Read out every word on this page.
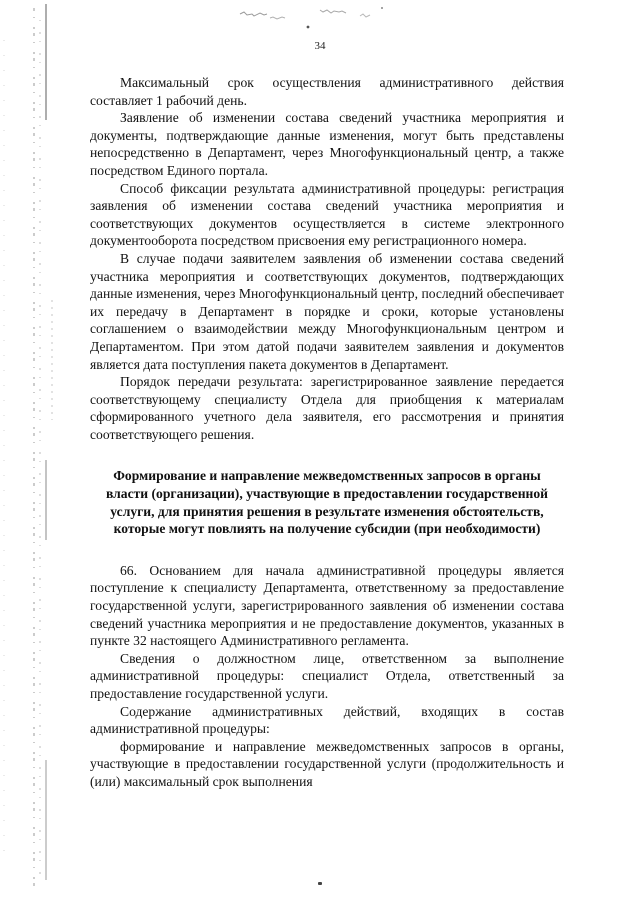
34

Максимальный срок осуществления административного действия составляет 1 рабочий день.

Заявление об изменении состава сведений участника мероприятия и документы, подтверждающие данные изменения, могут быть представлены непосредственно в Департамент, через Многофункциональный центр, а также посредством Единого портала.

Способ фиксации результата административной процедуры: регистрация заявления об изменении состава сведений участника мероприятия и соответствующих документов осуществляется в системе электронного документооборота посредством присвоения ему регистрационного номера.

В случае подачи заявителем заявления об изменении состава сведений участника мероприятия и соответствующих документов, подтверждающих данные изменения, через Многофункциональный центр, последний обеспечивает их передачу в Департамент в порядке и сроки, которые установлены соглашением о взаимодействии между Многофункциональным центром и Департаментом. При этом датой подачи заявителем заявления и документов является дата поступления пакета документов в Департамент.

Порядок передачи результата: зарегистрированное заявление передается соответствующему специалисту Отдела для приобщения к материалам сформированного учетного дела заявителя, его рассмотрения и принятия соответствующего решения.

Формирование и направление межведомственных запросов в органы власти (организации), участвующие в предоставлении государственной услуги, для принятия решения в результате изменения обстоятельств, которые могут повлиять на получение субсидии (при необходимости)

66. Основанием для начала административной процедуры является поступление к специалисту Департамента, ответственному за предоставление государственной услуги, зарегистрированного заявления об изменении состава сведений участника мероприятия и не предоставление документов, указанных в пункте 32 настоящего Административного регламента.

Сведения о должностном лице, ответственном за выполнение административной процедуры: специалист Отдела, ответственный за предоставление государственной услуги.

Содержание административных действий, входящих в состав административной процедуры:

формирование и направление межведомственных запросов в органы, участвующие в предоставлении государственной услуги (продолжительность и (или) максимальный срок выполнения
